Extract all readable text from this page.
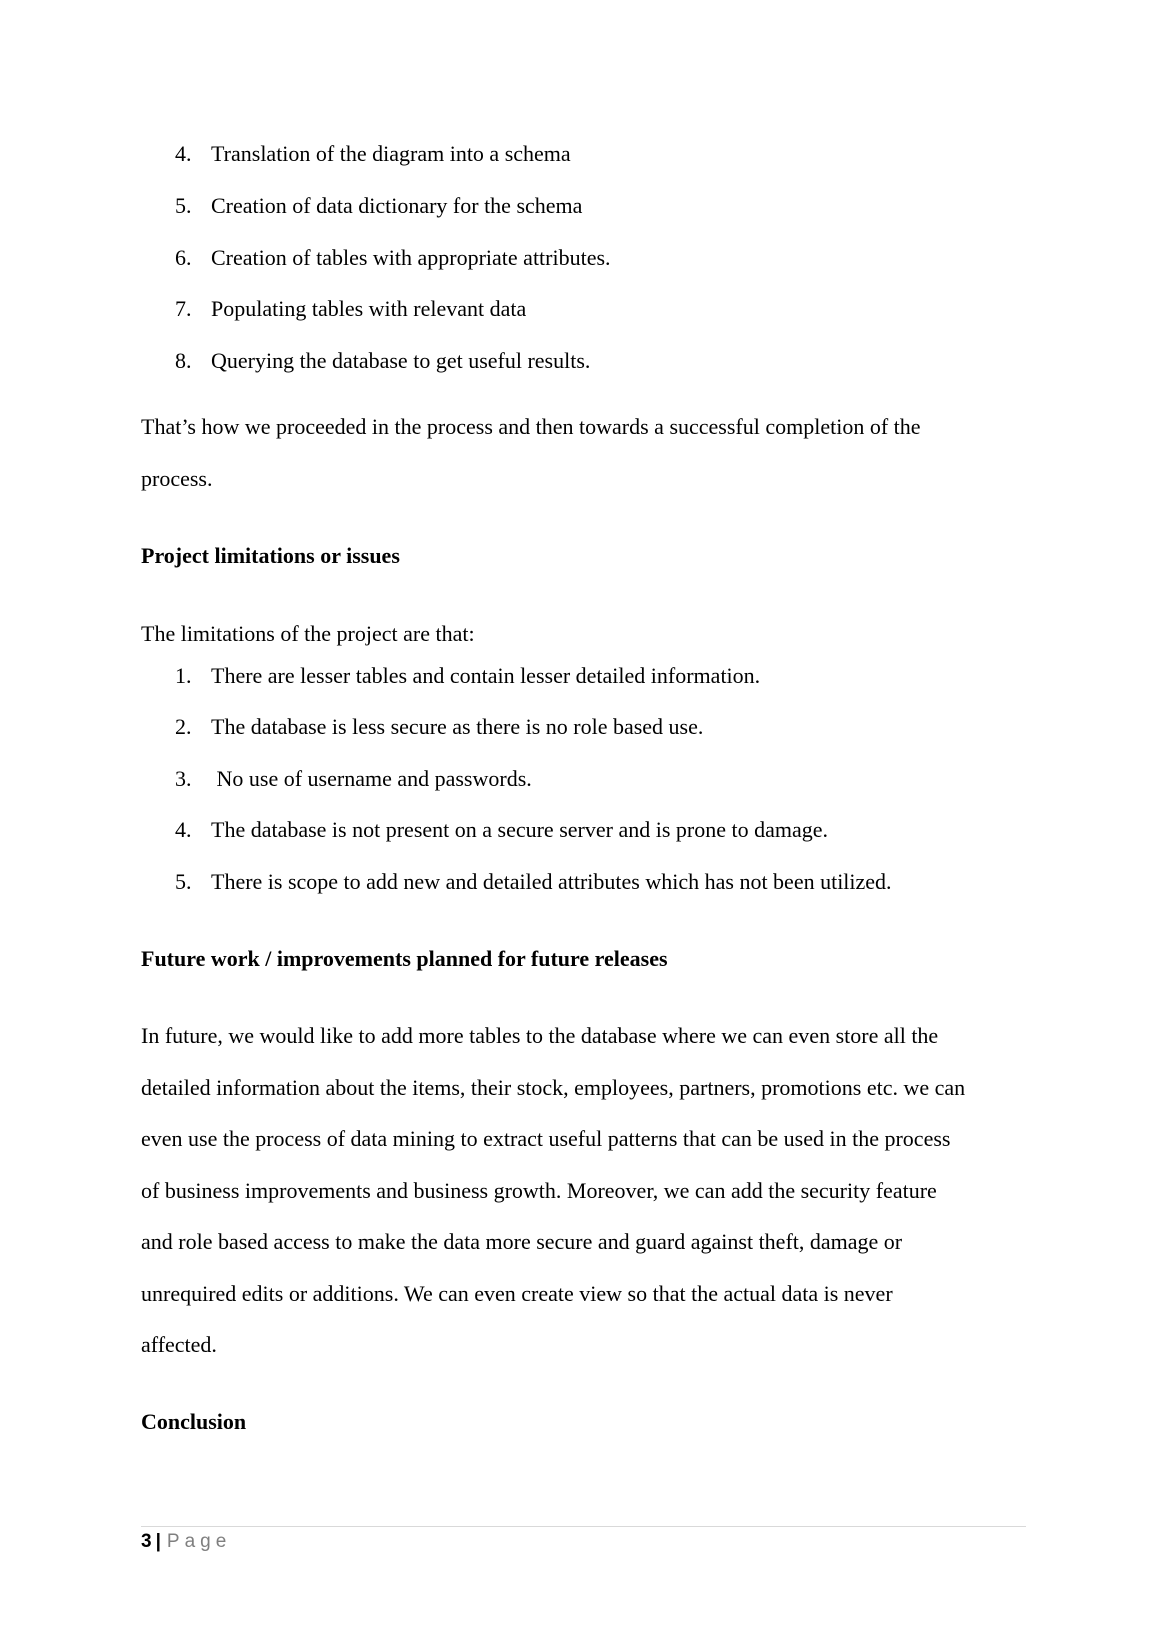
4. Translation of the diagram into a schema
5. Creation of data dictionary for the schema
6. Creation of tables with appropriate attributes.
7. Populating tables with relevant data
8. Querying the database to get useful results.
That’s how we proceeded in the process and then towards a successful completion of the
process.
Project limitations or issues
The limitations of the project are that:
1. There are lesser tables and contain lesser detailed information.
2. The database is less secure as there is no role based use.
3. No use of username and passwords.
4. The database is not present on a secure server and is prone to damage.
5. There is scope to add new and detailed attributes which has not been utilized.
Future work / improvements planned for future releases
In future, we would like to add more tables to the database where we can even store all the
detailed information about the items, their stock, employees, partners, promotions etc. we can
even use the process of data mining to extract useful patterns that can be used in the process
of business improvements and business growth. Moreover, we can add the security feature
and role based access to make the data more secure and guard against theft, damage or
unrequired edits or additions. We can even create view so that the actual data is never
affected.
Conclusion
3 | Page
